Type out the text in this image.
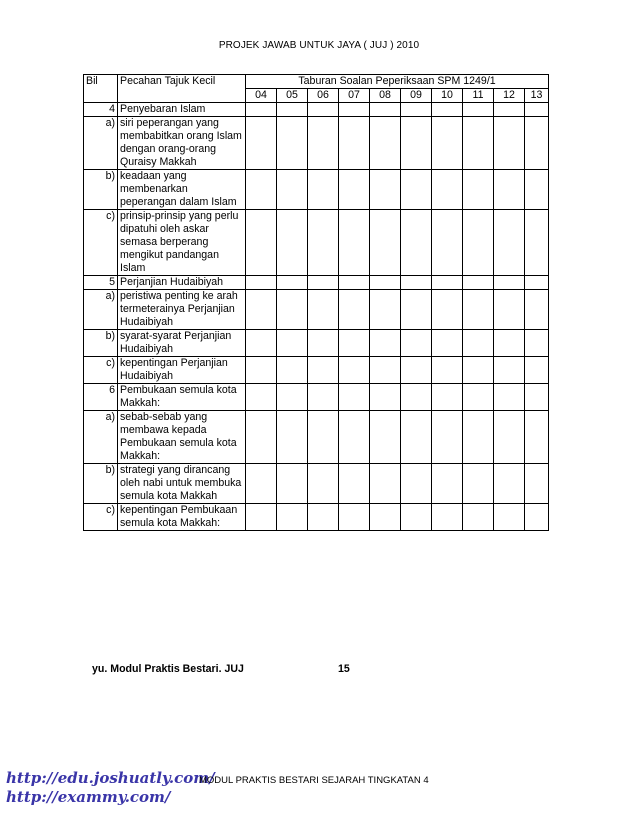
PROJEK JAWAB UNTUK JAYA ( JUJ ) 2010
Bil	Pecahan Tajuk Kecil	Taburan Soalan Peperiksaan SPM 1249/1									
		04	05	06	07	08	09	10	11	12	13
4	Penyebaran Islam										
a)	siri peperangan yang membabitkan orang Islam dengan orang-orang Quraisy Makkah										
b)	keadaan yang membenarkan peperangan dalam Islam										
c)	prinsip-prinsip yang perlu dipatuhi oleh askar semasa berperang mengikut pandangan Islam										
5	Perjanjian Hudaibiyah										
a)	peristiwa penting ke arah termeterainya Perjanjian Hudaibiyah										
b)	syarat-syarat Perjanjian Hudaibiyah										
c)	kepentingan Perjanjian Hudaibiyah										
6	Pembukaan semula kota Makkah:										
a)	sebab-sebab yang membawa kepada Pembukaan semula kota Makkah:										
b)	strategi yang dirancang oleh nabi untuk membuka semula kota Makkah										
c)	kepentingan Pembukaan semula kota Makkah:										
yu. Modul Praktis Bestari. JUJ	15
http://edu.joshuatly.com/
http://exammy.com/
MODUL PRAKTIS BESTARI SEJARAH TINGKATAN 4
